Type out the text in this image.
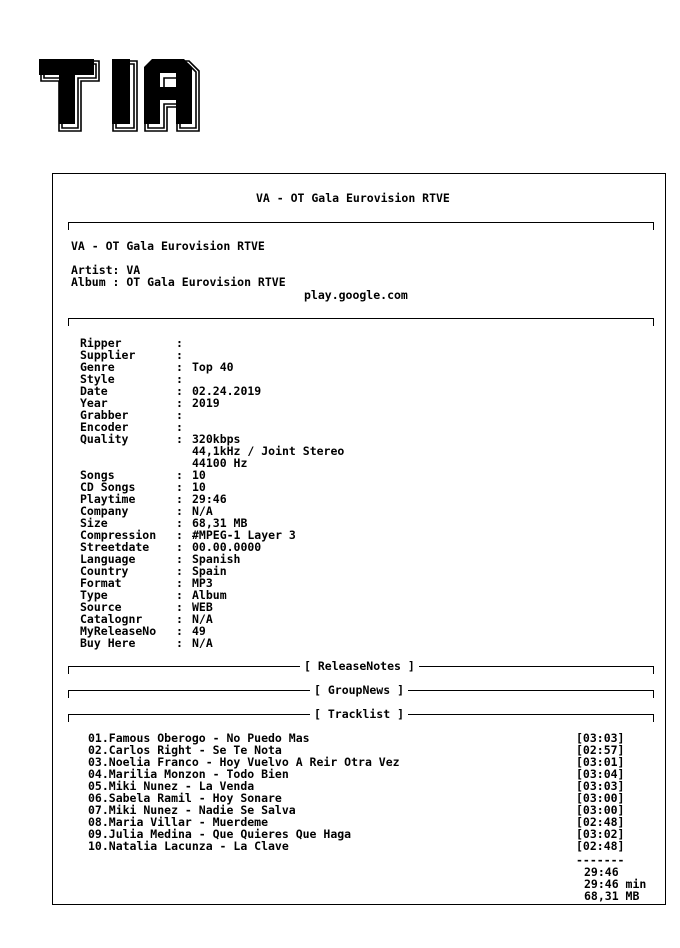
VA - OT Gala Eurovision RTVE
VA - OT Gala Eurovision RTVE
Artist: VA
Album : OT Gala Eurovision RTVE
play.google.com
Ripper	:
Supplier	:
Genre	: Top 40
Style	:
Date	: 02.24.2019
Year	: 2019
Grabber	:
Encoder	:
Quality	: 320kbps
44,1kHz / Joint Stereo
44100 Hz
Songs	: 10
CD Songs	: 10
Playtime	: 29:46
Company	: N/A
Size	: 68,31 MB
Compression : #MPEG-1 Layer 3
Streetdate : 00.00.0000
Language	: Spanish
Country	: Spain
Format	: MP3
Type	: Album
Source	: WEB
Catalognr	: N/A
MyReleaseNo : 49
Buy Here	: N/A
[ ReleaseNotes ]
[ GroupNews ]
[ Tracklist ]
01.Famous Oberogo - No Puedo Mas	[03:03]
02.Carlos Right - Se Te Nota	[02:57]
03.Noelia Franco - Hoy Vuelvo A Reir Otra Vez	[03:01]
04.Marilia Monzon - Todo Bien	[03:04]
05.Miki Nunez - La Venda	[03:03]
06.Sabela Ramil - Hoy Sonare	[03:00]
07.Miki Nunez - Nadie Se Salva	[03:00]
08.Maria Villar - Muerdeme	[02:48]
09.Julia Medina - Que Quieres Que Haga	[03:02]
10.Natalia Lacunza - La Clave	[02:48]
-------
29:46
29:46 min
68,31 MB
